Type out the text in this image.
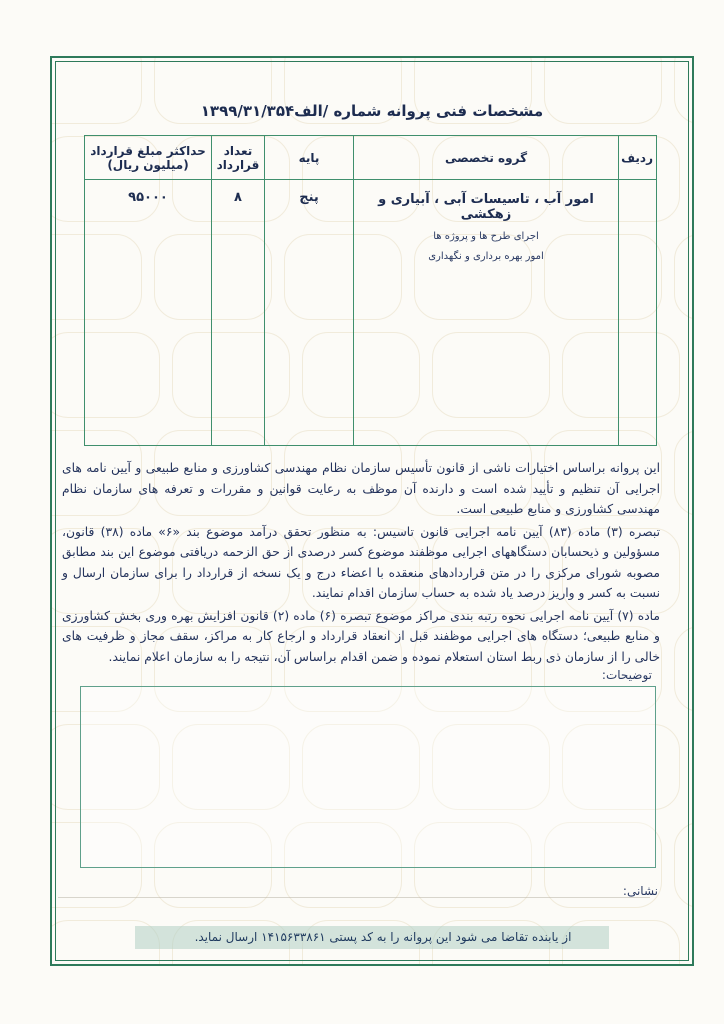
مشخصات فنی پروانه شماره /الف۱۳۹۹/۳۱/۳۵۴
ردیف	گروه تخصصی	پایه	تعداد قرارداد	حداکثر مبلغ قرارداد (میلیون ریال)

	امور آب ، تاسیسات آبی ، آبیاری و زهکشی
اجرای طرح ها و پروژه ها
امور بهره برداری و نگهداری	پنج	۸	۹۵۰۰۰

این پروانه براساس اختیارات ناشی از قانون تأسیس سازمان نظام مهندسی کشاورزی و منابع طبیعی و آیین نامه های اجرایی آن تنظیم و تأیید شده است و دارنده آن موظف به رعایت قوانین و مقررات و تعرفه های سازمان نظام مهندسی کشاورزی و منابع طبیعی است.

تبصره (۳) ماده (۸۳) آیین نامه اجرایی قانون تاسیس: به منظور تحقق درآمد موضوع بند «۶» ماده (۳۸) قانون، مسؤولین و ذیحسابان دستگاههای اجرایی موظفند موضوع کسر درصدی از حق الزحمه دریافتی موضوع این بند مطابق مصوبه شورای مرکزی را در متن قراردادهای منعقده با اعضاء درج و یک نسخه از قرارداد را برای سازمان ارسال و نسبت به کسر و واریز درصد یاد شده به حساب سازمان اقدام نمایند.

ماده (۷) آیین نامه اجرایی نحوه رتبه بندی مراکز موضوع تبصره (۶) ماده (۲) قانون افزایش بهره وری بخش کشاورزی و منابع طبیعی؛ دستگاه های اجرایی موظفند قبل از انعقاد قرارداد و ارجاع کار به مراکز، سقف مجاز و ظرفیت های خالی را از سازمان ذی ربط استان استعلام نموده و ضمن اقدام براساس آن، نتیجه را به سازمان اعلام نمایند.

توضیحات:
نشانی:
از یابنده تقاضا می شود این پروانه را به کد پستی ۱۴۱۵۶۳۳۸۶۱ ارسال نماید.
